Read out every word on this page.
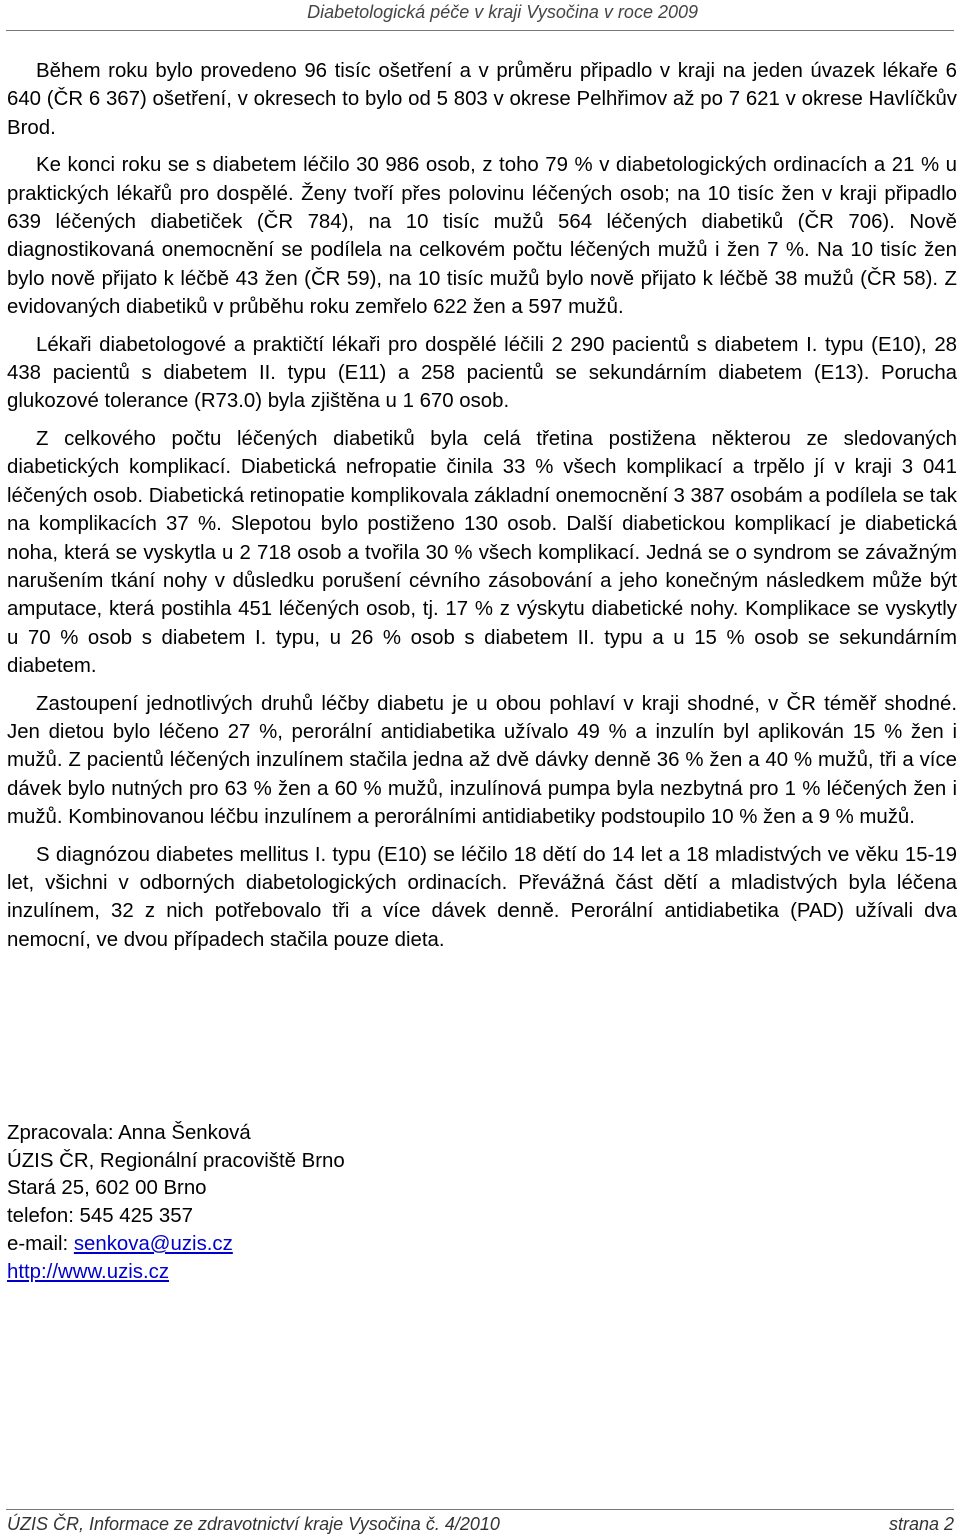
Diabetologická péče v kraji Vysočina v roce 2009

Během roku bylo provedeno 96 tisíc ošetření a v průměru připadlo v kraji na jeden úvazek lékaře 6 640 (ČR 6 367) ošetření, v okresech to bylo od 5 803 v okrese Pelhřimov až po 7 621 v okrese Havlíčkův Brod.

Ke konci roku se s diabetem léčilo 30 986 osob, z toho 79 % v diabetologických ordinacích a 21 % u praktických lékařů pro dospělé. Ženy tvoří přes polovinu léčených osob; na 10 tisíc žen v kraji připadlo 639 léčených diabetiček (ČR 784), na 10 tisíc mužů 564 léčených diabetiků (ČR 706). Nově diagnostikovaná onemocnění se podílela na celkovém počtu léčených mužů i žen 7 %. Na 10 tisíc žen bylo nově přijato k léčbě 43 žen (ČR 59), na 10 tisíc mužů bylo nově přijato k léčbě 38 mužů (ČR 58). Z evidovaných diabetiků v průběhu roku zemřelo 622 žen a 597 mužů.

Lékaři diabetologové a praktičtí lékaři pro dospělé léčili 2 290 pacientů s diabetem I. typu (E10), 28 438 pacientů s diabetem II. typu (E11) a 258 pacientů se sekundárním diabetem (E13). Porucha glukozové tolerance (R73.0) byla zjištěna u 1 670 osob.

Z celkového počtu léčených diabetiků byla celá třetina postižena některou ze sledovaných diabetických komplikací. Diabetická nefropatie činila 33 % všech komplikací a trpělo jí v kraji 3 041 léčených osob. Diabetická retinopatie komplikovala základní onemocnění 3 387 osobám a podílela se tak na komplikacích 37 %. Slepotou bylo postiženo 130 osob. Další diabetickou komplikací je diabetická noha, která se vyskytla u 2 718 osob a tvořila 30 % všech komplikací. Jedná se o syndrom se závažným narušením tkání nohy v důsledku porušení cévního zásobování a jeho konečným následkem může být amputace, která postihla 451 léčených osob, tj. 17 % z výskytu diabetické nohy. Komplikace se vyskytly u 70 % osob s diabetem I. typu, u 26 % osob s diabetem II. typu a u 15 % osob se sekundárním diabetem.

Zastoupení jednotlivých druhů léčby diabetu je u obou pohlaví v kraji shodné, v ČR téměř shodné. Jen dietou bylo léčeno 27 %, perorální antidiabetika užívalo 49 % a inzulín byl aplikován 15 % žen i mužů. Z pacientů léčených inzulínem stačila jedna až dvě dávky denně 36 % žen a 40 % mužů, tři a více dávek bylo nutných pro 63 % žen a 60 % mužů, inzulínová pumpa byla nezbytná pro 1 % léčených žen i mužů. Kombinovanou léčbu inzulínem a perorálními antidiabetiky podstoupilo 10 % žen a 9 % mužů.

S diagnózou diabetes mellitus I. typu (E10) se léčilo 18 dětí do 14 let a 18 mladistvých ve věku 15-19 let, všichni v odborných diabetologických ordinacích. Převážná část dětí a mladistvých byla léčena inzulínem, 32 z nich potřebovalo tři a více dávek denně. Perorální antidiabetika (PAD) užívali dva nemocní, ve dvou případech stačila pouze dieta.

Zpracovala: Anna Šenková
ÚZIS ČR, Regionální pracoviště Brno
Stará 25, 602 00 Brno
telefon: 545 425 357
e-mail: senkova@uzis.cz
http://www.uzis.cz
ÚZIS ČR, Informace ze zdravotnictví kraje Vysočina č. 4/2010	strana 2
